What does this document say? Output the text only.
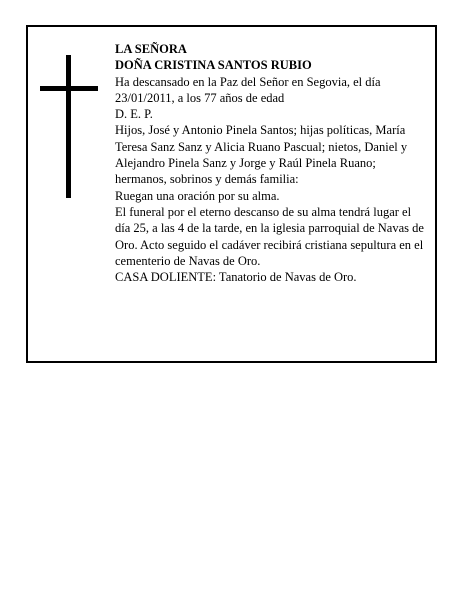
LA SEÑORA

DOÑA CRISTINA SANTOS RUBIO

Ha descansado en la Paz del Señor en Segovia, el día 23/01/2011, a los 77 años de edad

D. E. P.

Hijos, José y Antonio Pinela Santos; hijas políticas, María Teresa Sanz Sanz y Alicia Ruano Pascual; nietos, Daniel y Alejandro Pinela Sanz y Jorge y Raúl Pinela Ruano; hermanos, sobrinos y demás familia:

Ruegan una oración por su alma.

El funeral por el eterno descanso de su alma tendrá lugar el día 25, a las 4 de la tarde, en la iglesia parroquial de Navas de Oro. Acto seguido el cadáver recibirá cristiana sepultura en el cementerio de Navas de Oro.

CASA DOLIENTE: Tanatorio de Navas de Oro.
